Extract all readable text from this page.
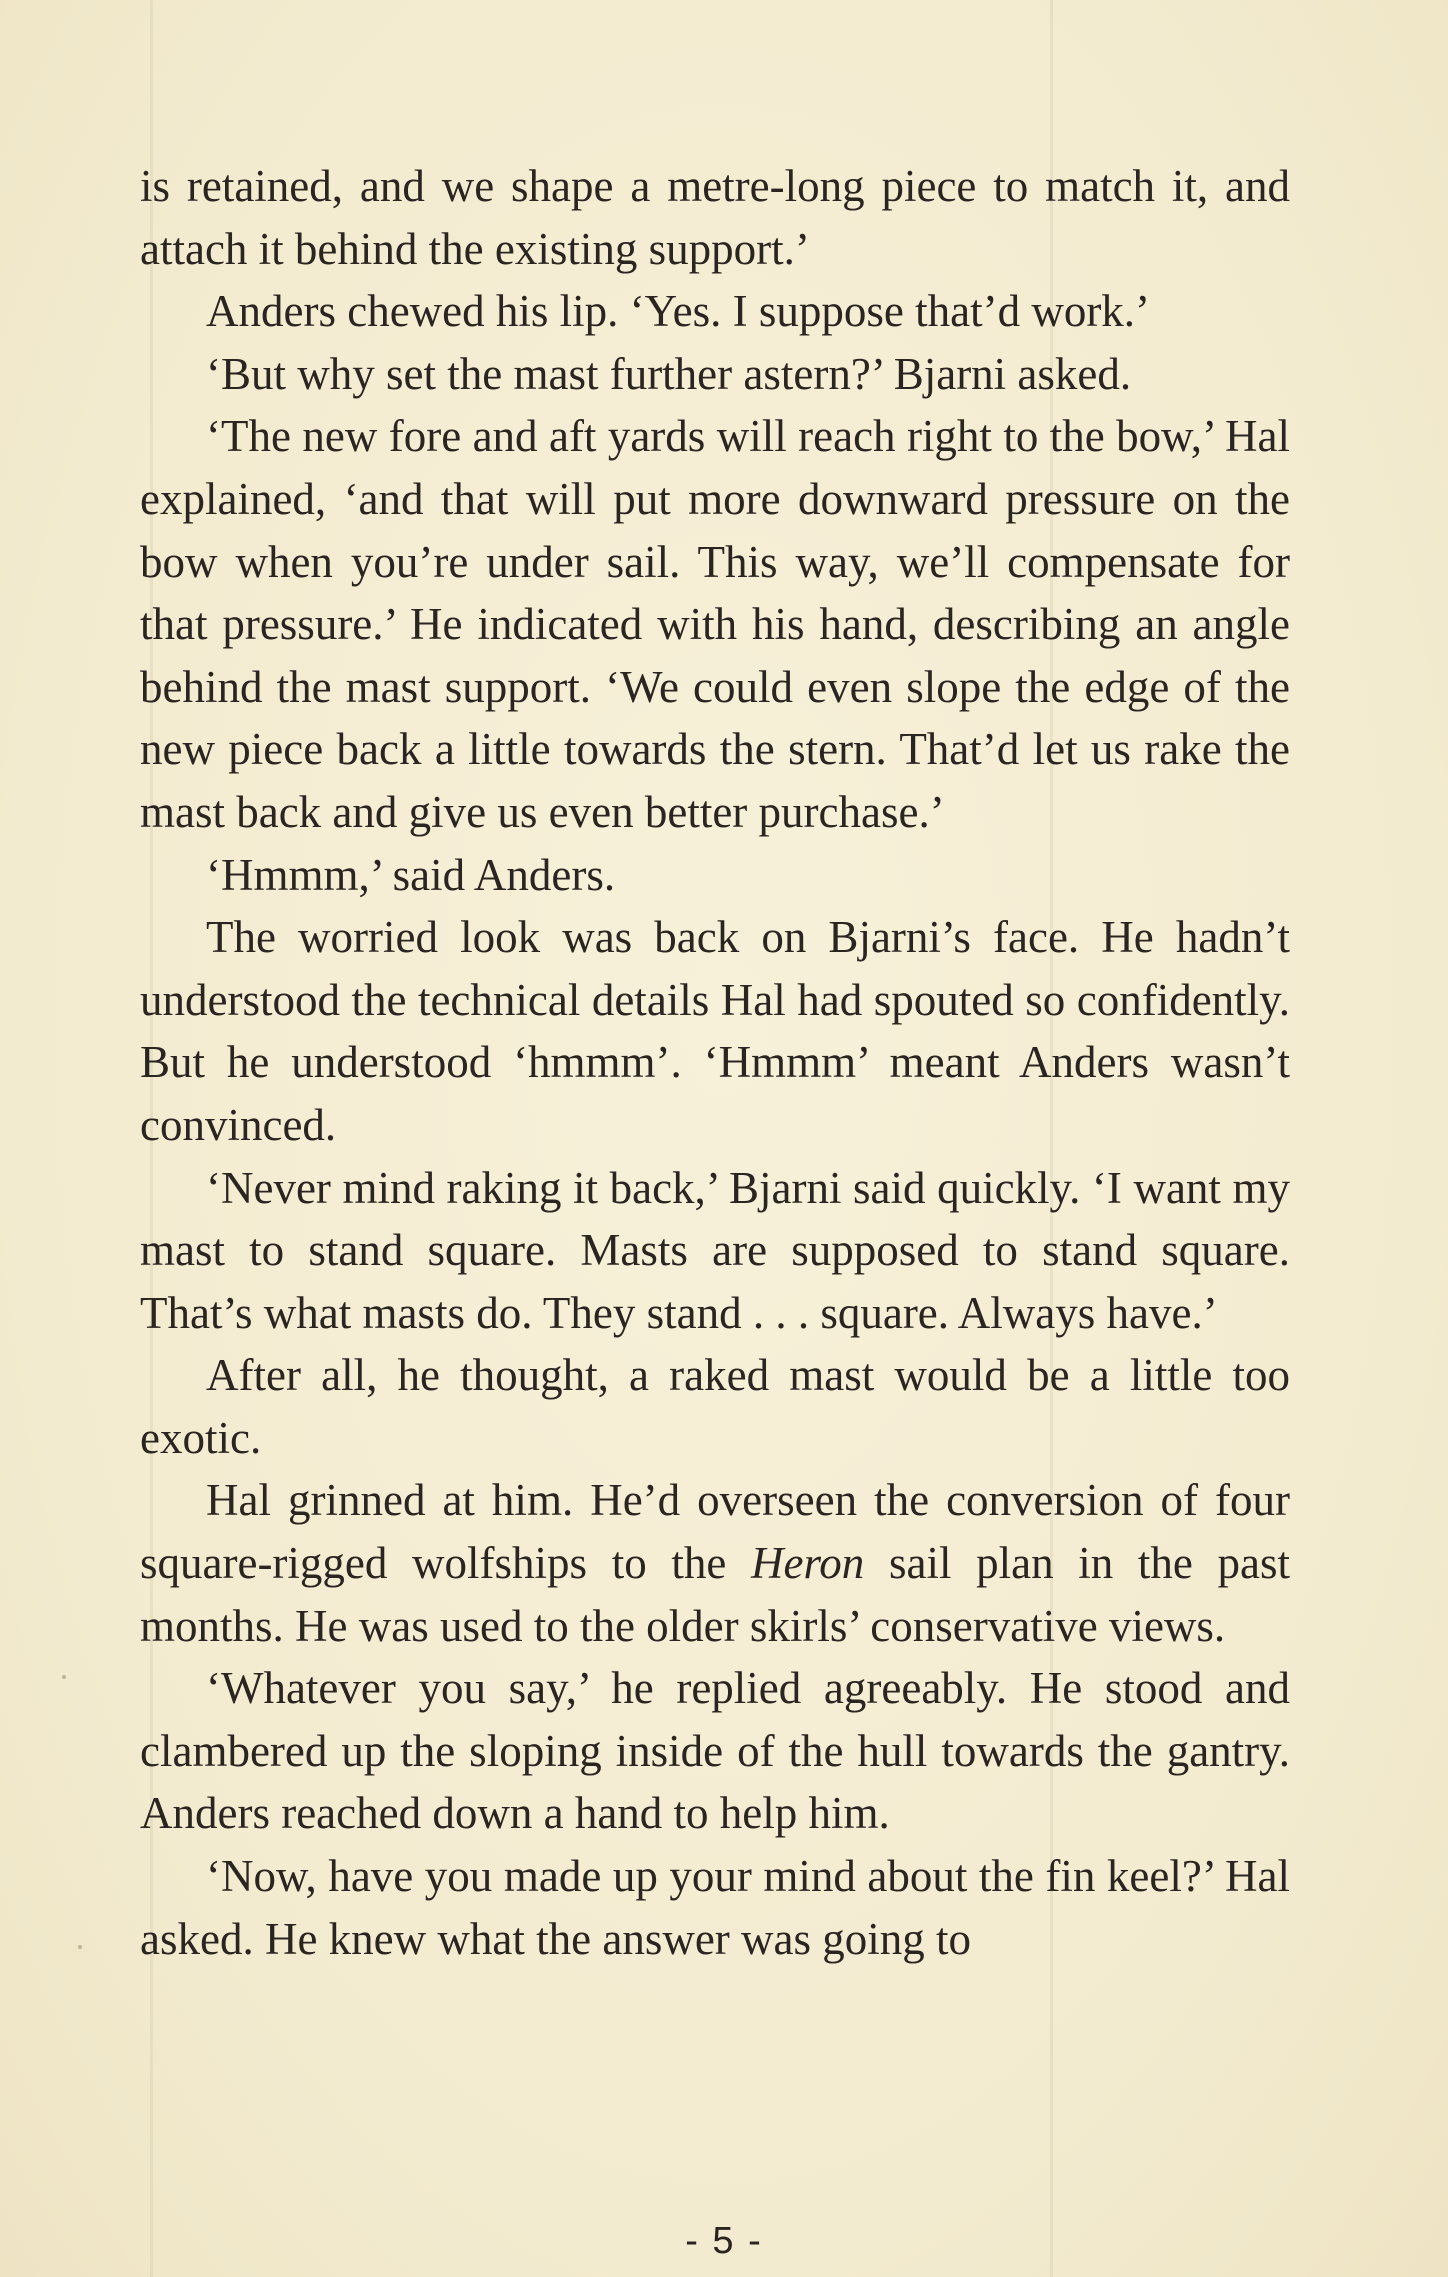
is retained, and we shape a metre-long piece to match it, and attach it behind the existing support.’

Anders chewed his lip. ‘Yes. I suppose that’d work.’

‘But why set the mast further astern?’ Bjarni asked.

‘The new fore and aft yards will reach right to the bow,’ Hal explained, ‘and that will put more downward pressure on the bow when you’re under sail. This way, we’ll compensate for that pressure.’ He indicated with his hand, describing an angle behind the mast support. ‘We could even slope the edge of the new piece back a little towards the stern. That’d let us rake the mast back and give us even better purchase.’

‘Hmmm,’ said Anders.

The worried look was back on Bjarni’s face. He hadn’t understood the technical details Hal had spouted so confidently. But he understood ‘hmmm’. ‘Hmmm’ meant Anders wasn’t convinced.

‘Never mind raking it back,’ Bjarni said quickly. ‘I want my mast to stand square. Masts are supposed to stand square. That’s what masts do. They stand . . . square. Always have.’

After all, he thought, a raked mast would be a little too exotic.

Hal grinned at him. He’d overseen the conversion of four square-rigged wolfships to the Heron sail plan in the past months. He was used to the older skirls’ conservative views.

‘Whatever you say,’ he replied agreeably. He stood and clambered up the sloping inside of the hull towards the gantry. Anders reached down a hand to help him.

‘Now, have you made up your mind about the fin keel?’ Hal asked. He knew what the answer was going to

- 5 -
